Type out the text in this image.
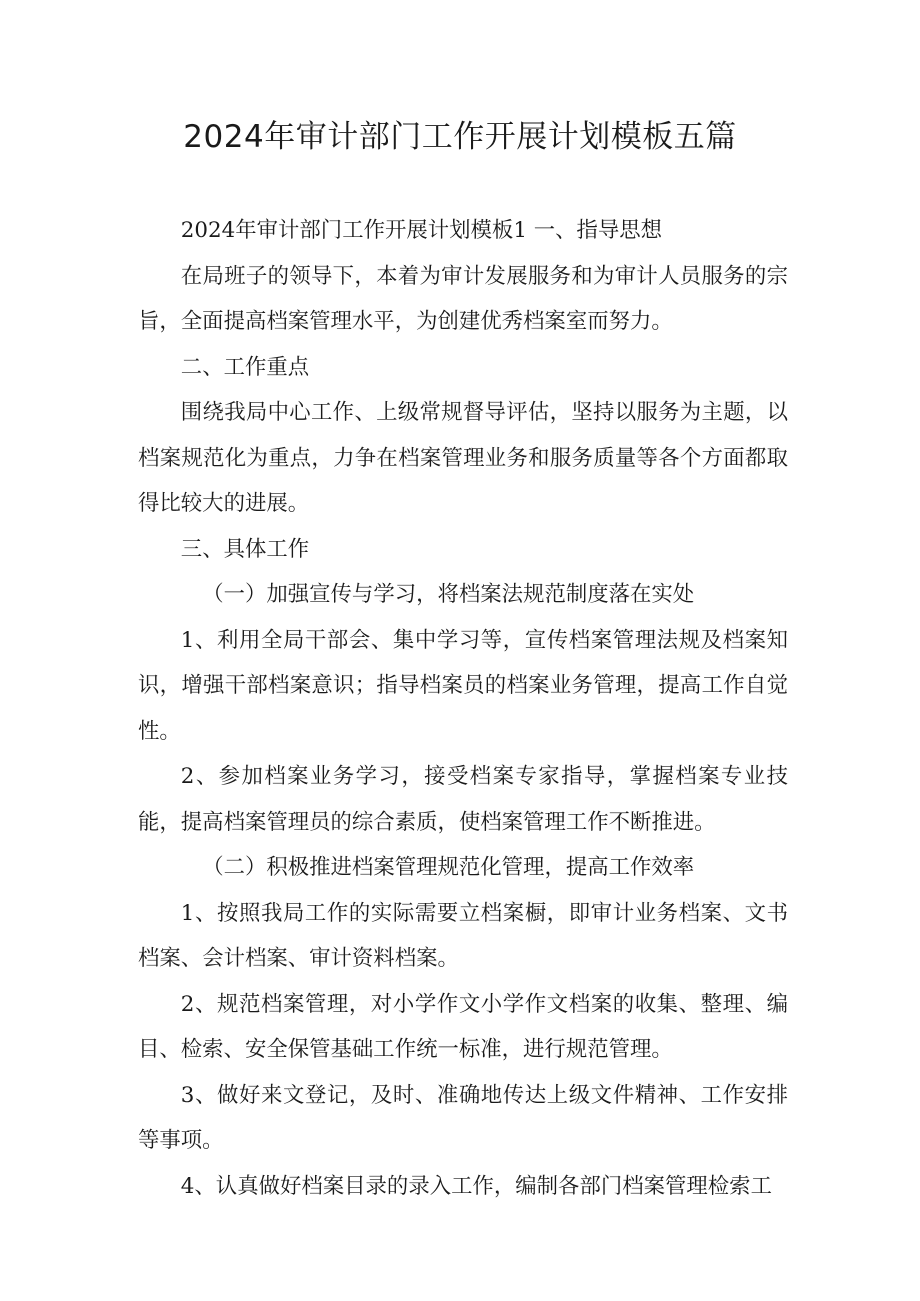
2024年审计部门工作开展计划模板五篇

2024年审计部门工作开展计划模板1 一、指导思想

在局班子的领导下，本着为审计发展服务和为审计人员服务的宗旨，全面提高档案管理水平，为创建优秀档案室而努力。

二、工作重点

围绕我局中心工作、上级常规督导评估，坚持以服务为主题，以档案规范化为重点，力争在档案管理业务和服务质量等各个方面都取得比较大的进展。

三、具体工作

（一）加强宣传与学习，将档案法规范制度落在实处

1、利用全局干部会、集中学习等，宣传档案管理法规及档案知识，增强干部档案意识；指导档案员的档案业务管理，提高工作自觉性。

2、参加档案业务学习，接受档案专家指导，掌握档案专业技能，提高档案管理员的综合素质，使档案管理工作不断推进。

（二）积极推进档案管理规范化管理，提高工作效率

1、按照我局工作的实际需要立档案橱，即审计业务档案、文书档案、会计档案、审计资料档案。

2、规范档案管理，对小学作文小学作文档案的收集、整理、编目、检索、安全保管基础工作统一标准，进行规范管理。

3、做好来文登记，及时、准确地传达上级文件精神、工作安排等事项。

4、认真做好档案目录的录入工作，编制各部门档案管理检索工
